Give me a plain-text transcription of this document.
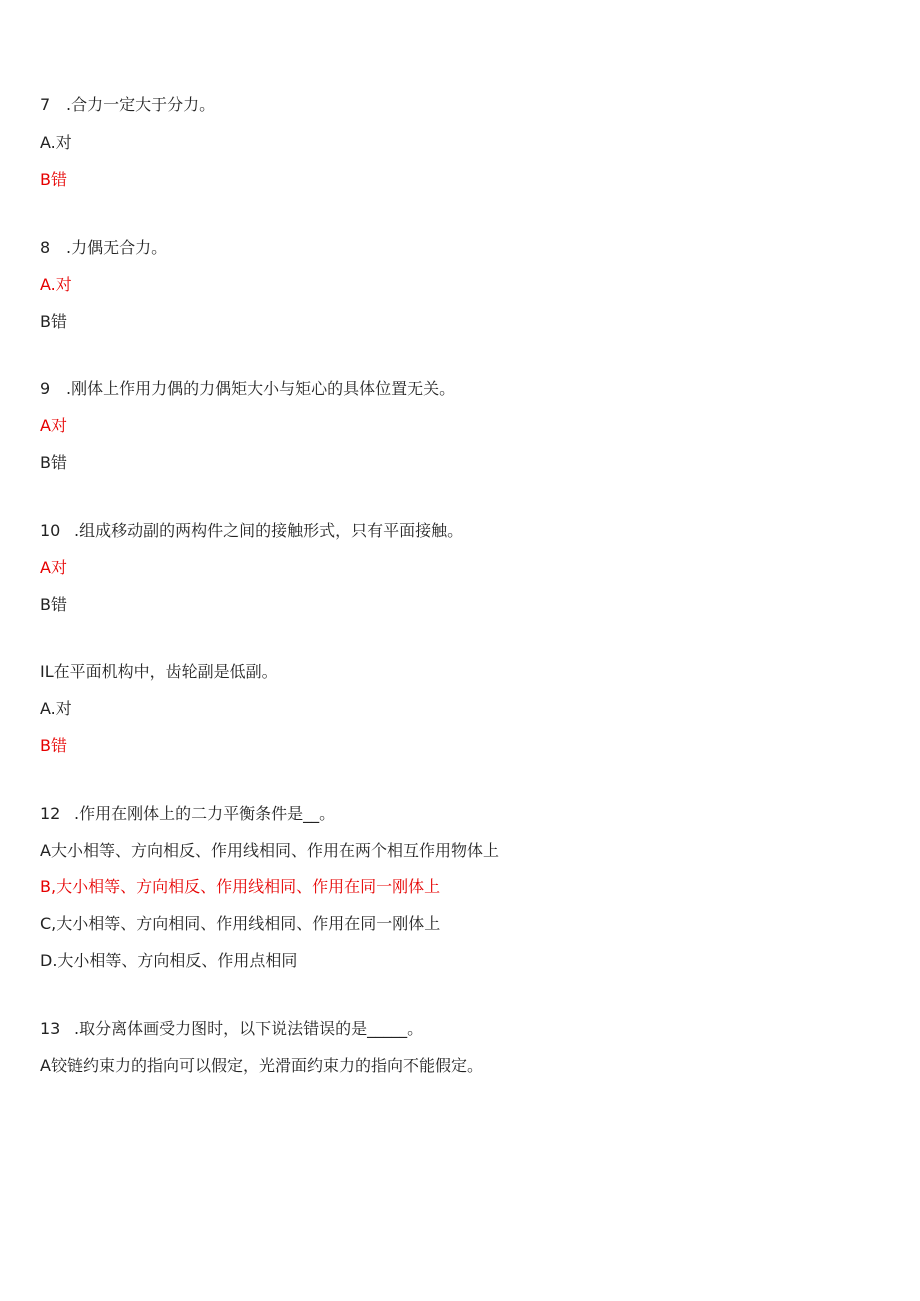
7 .合力一定大于分力。
A.对
B错
8 .力偶无合力。
A.对
B错
9 .刚体上作用力偶的力偶矩大小与矩心的具体位置无关。
A对
B错
10 .组成移动副的两构件之间的接触形式，只有平面接触。
A对
B错
IL在平面机构中，齿轮副是低副。
A.对
B错
12 .作用在刚体上的二力平衡条件是__。
A大小相等、方向相反、作用线相同、作用在两个相互作用物体上
B,大小相等、方向相反、作用线相同、作用在同一刚体上
C,大小相等、方向相同、作用线相同、作用在同一刚体上
D.大小相等、方向相反、作用点相同
13 .取分离体画受力图时，以下说法错误的是_____。
A铰链约束力的指向可以假定，光滑面约束力的指向不能假定。
